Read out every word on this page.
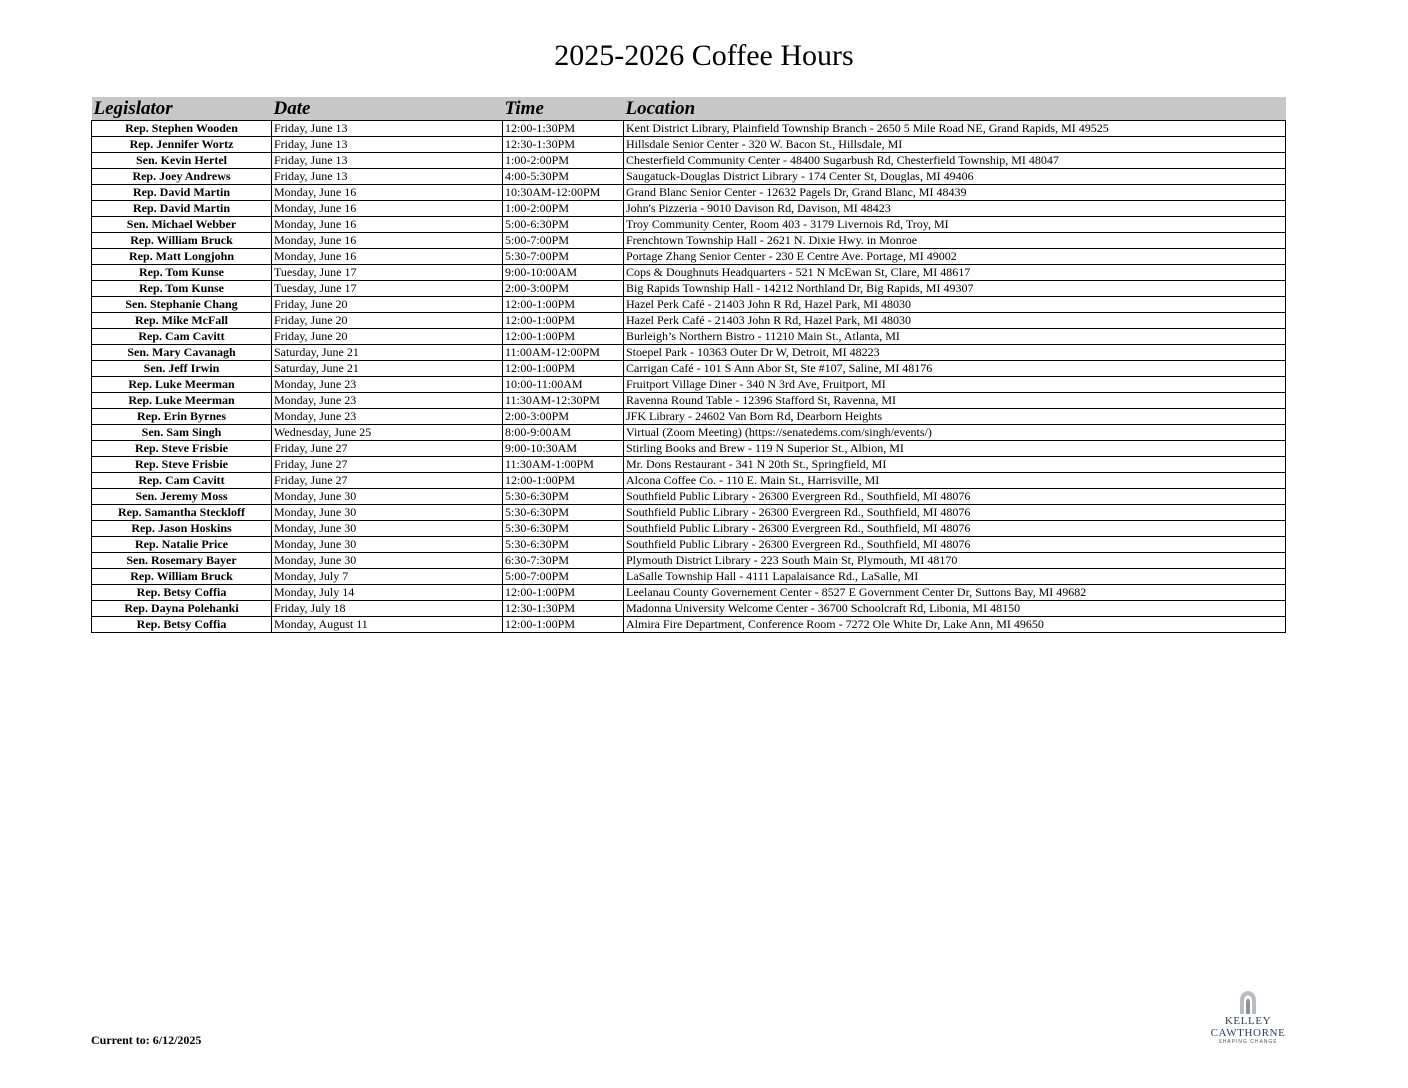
2025-2026 Coffee Hours
Legislator	Date	Time	Location
Rep. Stephen Wooden	Friday, June 13	12:00-1:30PM	Kent District Library, Plainfield Township Branch - 2650 5 Mile Road NE, Grand Rapids, MI 49525
Rep. Jennifer Wortz	Friday, June 13	12:30-1:30PM	Hillsdale Senior Center - 320 W. Bacon St., Hillsdale, MI
Sen. Kevin Hertel	Friday, June 13	1:00-2:00PM	Chesterfield Community Center - 48400 Sugarbush Rd, Chesterfield Township, MI 48047
Rep. Joey Andrews	Friday, June 13	4:00-5:30PM	Saugatuck-Douglas District Library - 174 Center St, Douglas, MI 49406
Rep. David Martin	Monday, June 16	10:30AM-12:00PM	Grand Blanc Senior Center - 12632 Pagels Dr, Grand Blanc, MI 48439
Rep. David Martin	Monday, June 16	1:00-2:00PM	John's Pizzeria - 9010 Davison Rd, Davison, MI 48423
Sen. Michael Webber	Monday, June 16	5:00-6:30PM	Troy Community Center, Room 403 - 3179 Livernois Rd, Troy, MI
Rep. William Bruck	Monday, June 16	5:00-7:00PM	Frenchtown Township Hall - 2621 N. Dixie Hwy. in Monroe
Rep. Matt Longjohn	Monday, June 16	5:30-7:00PM	Portage Zhang Senior Center - 230 E Centre Ave. Portage, MI 49002
Rep. Tom Kunse	Tuesday, June 17	9:00-10:00AM	Cops & Doughnuts Headquarters - 521 N McEwan St, Clare, MI 48617
Rep. Tom Kunse	Tuesday, June 17	2:00-3:00PM	Big Rapids Township Hall - 14212 Northland Dr, Big Rapids, MI 49307
Sen. Stephanie Chang	Friday, June 20	12:00-1:00PM	Hazel Perk Café - 21403 John R Rd, Hazel Park, MI 48030
Rep. Mike McFall	Friday, June 20	12:00-1:00PM	Hazel Perk Café - 21403 John R Rd, Hazel Park, MI 48030
Rep. Cam Cavitt	Friday, June 20	12:00-1:00PM	Burleigh’s Northern Bistro - 11210 Main St., Atlanta, MI
Sen. Mary Cavanagh	Saturday, June 21	11:00AM-12:00PM	Stoepel Park - 10363 Outer Dr W, Detroit, MI 48223
Sen. Jeff Irwin	Saturday, June 21	12:00-1:00PM	Carrigan Café - 101 S Ann Abor St, Ste #107, Saline, MI 48176
Rep. Luke Meerman	Monday, June 23	10:00-11:00AM	Fruitport Village Diner - 340 N 3rd Ave, Fruitport, MI
Rep. Luke Meerman	Monday, June 23	11:30AM-12:30PM	Ravenna Round Table - 12396 Stafford St, Ravenna, MI
Rep. Erin Byrnes	Monday, June 23	2:00-3:00PM	JFK Library - 24602 Van Born Rd, Dearborn Heights
Sen. Sam Singh	Wednesday, June 25	8:00-9:00AM	Virtual (Zoom Meeting) (https://senatedems.com/singh/events/)
Rep. Steve Frisbie	Friday, June 27	9:00-10:30AM	Stirling Books and Brew - 119 N Superior St., Albion, MI
Rep. Steve Frisbie	Friday, June 27	11:30AM-1:00PM	Mr. Dons Restaurant - 341 N 20th St., Springfield, MI
Rep. Cam Cavitt	Friday, June 27	12:00-1:00PM	Alcona Coffee Co. - 110 E. Main St., Harrisville, MI
Sen. Jeremy Moss	Monday, June 30	5:30-6:30PM	Southfield Public Library - 26300 Evergreen Rd., Southfield, MI 48076
Rep. Samantha Steckloff	Monday, June 30	5:30-6:30PM	Southfield Public Library - 26300 Evergreen Rd., Southfield, MI 48076
Rep. Jason Hoskins	Monday, June 30	5:30-6:30PM	Southfield Public Library - 26300 Evergreen Rd., Southfield, MI 48076
Rep. Natalie Price	Monday, June 30	5:30-6:30PM	Southfield Public Library - 26300 Evergreen Rd., Southfield, MI 48076
Sen. Rosemary Bayer	Monday, June 30	6:30-7:30PM	Plymouth District Library - 223 South Main St, Plymouth, MI 48170
Rep. William Bruck	Monday, July 7	5:00-7:00PM	LaSalle Township Hall - 4111 Lapalaisance Rd., LaSalle, MI
Rep. Betsy Coffia	Monday, July 14	12:00-1:00PM	Leelanau County Governement Center - 8527 E Government Center Dr, Suttons Bay, MI 49682
Rep. Dayna Polehanki	Friday, July 18	12:30-1:30PM	Madonna University Welcome Center - 36700 Schoolcraft Rd, Libonia, MI 48150
Rep. Betsy Coffia	Monday, August 11	12:00-1:00PM	Almira Fire Department, Conference Room - 7272 Ole White Dr, Lake Ann, MI 49650
Current to: 6/12/2025
KELLEY CAWTHORNE
SHAPING CHANGE
